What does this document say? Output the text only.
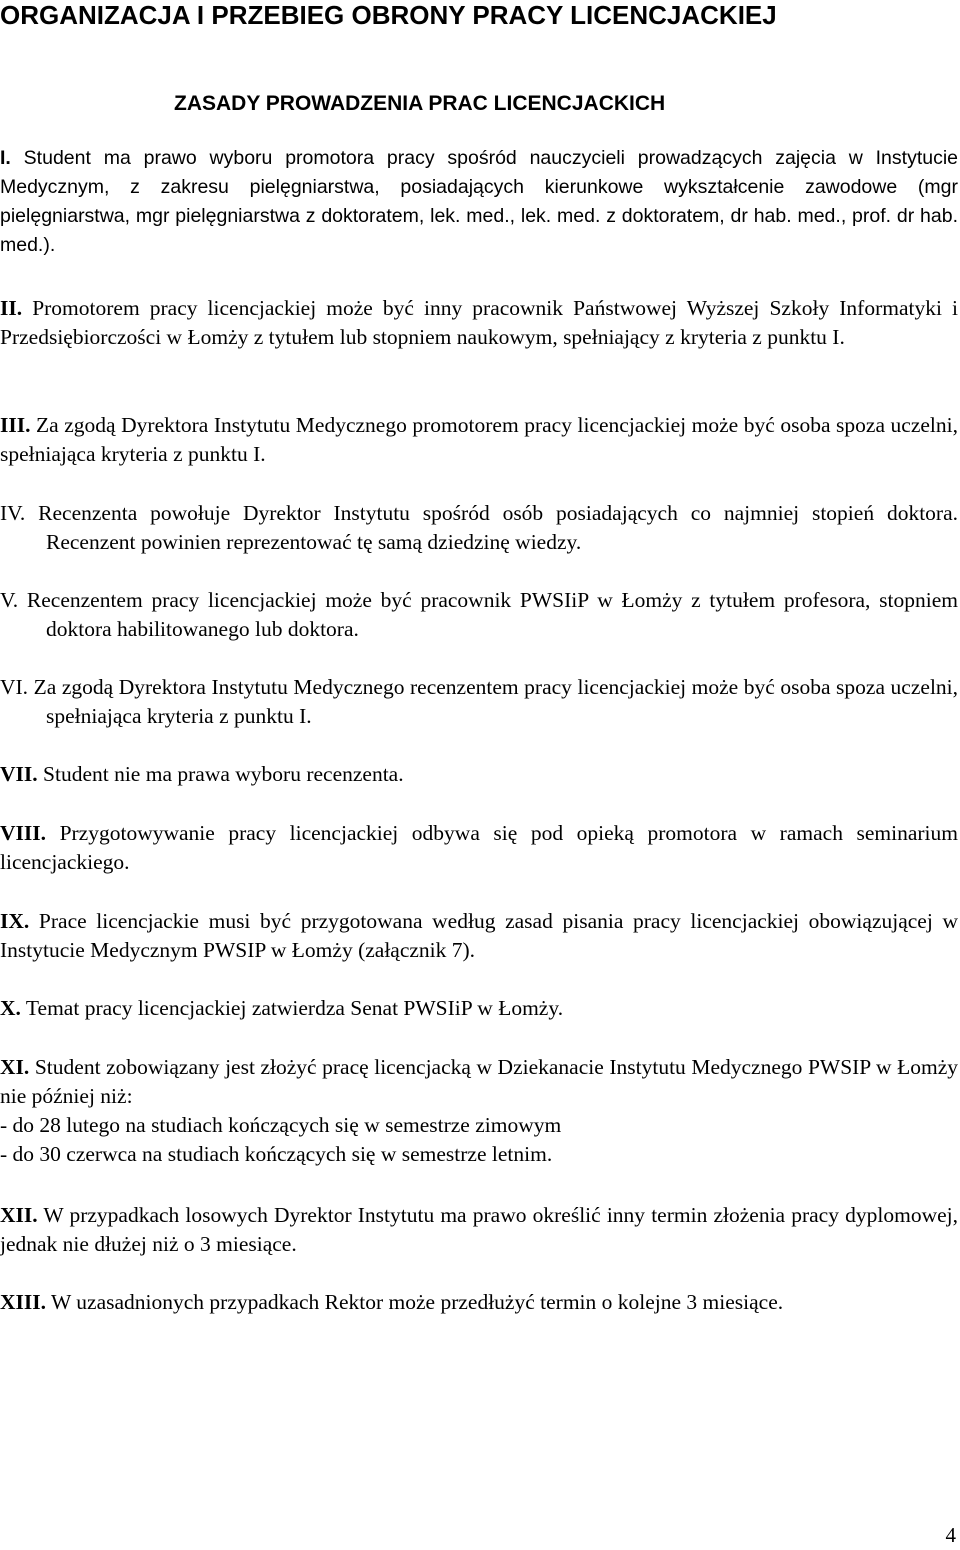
ORGANIZACJA I PRZEBIEG OBRONY PRACY LICENCJACKIEJ
ZASADY PROWADZENIA PRAC LICENCJACKICH
I. Student ma prawo wyboru promotora pracy spośród nauczycieli prowadzących zajęcia w Instytucie Medycznym, z zakresu pielęgniarstwa, posiadających kierunkowe wykształcenie zawodowe (mgr pielęgniarstwa, mgr pielęgniarstwa z doktoratem, lek. med., lek. med. z doktoratem, dr hab. med., prof. dr hab. med.).
II. Promotorem pracy licencjackiej może być inny pracownik Państwowej Wyższej Szkoły Informatyki i Przedsiębiorczości w Łomży z tytułem lub stopniem naukowym, spełniający z kryteria z punktu I.
III. Za zgodą Dyrektora Instytutu Medycznego promotorem pracy licencjackiej może być osoba spoza uczelni, spełniająca kryteria z punktu I.
IV. Recenzenta powołuje Dyrektor Instytutu spośród osób posiadających co najmniej stopień doktora. Recenzent powinien reprezentować tę samą dziedzinę wiedzy.
V. Recenzentem pracy licencjackiej może być pracownik PWSIiP w Łomży z tytułem profesora, stopniem doktora habilitowanego lub doktora.
VI. Za zgodą Dyrektora Instytutu Medycznego recenzentem pracy licencjackiej może być osoba spoza uczelni, spełniająca kryteria z punktu I.
VII. Student nie ma prawa wyboru recenzenta.
VIII. Przygotowywanie pracy licencjackiej odbywa się pod opieką promotora w ramach seminarium licencjackiego.
IX. Prace licencjackie musi być przygotowana według zasad pisania pracy licencjackiej obowiązującej w Instytucie Medycznym PWSIP w Łomży (załącznik 7).
X. Temat pracy licencjackiej zatwierdza Senat PWSIiP w Łomży.
XI. Student zobowiązany jest złożyć pracę licencjacką w Dziekanacie Instytutu Medycznego PWSIP w Łomży nie później niż:
- do 28 lutego na studiach kończących się w semestrze zimowym
- do 30 czerwca na studiach kończących się w semestrze letnim.
XII. W przypadkach losowych Dyrektor Instytutu ma prawo określić inny termin złożenia pracy dyplomowej, jednak nie dłużej niż o 3 miesiące.
XIII. W uzasadnionych przypadkach Rektor może przedłużyć termin o kolejne 3 miesiące.
4
